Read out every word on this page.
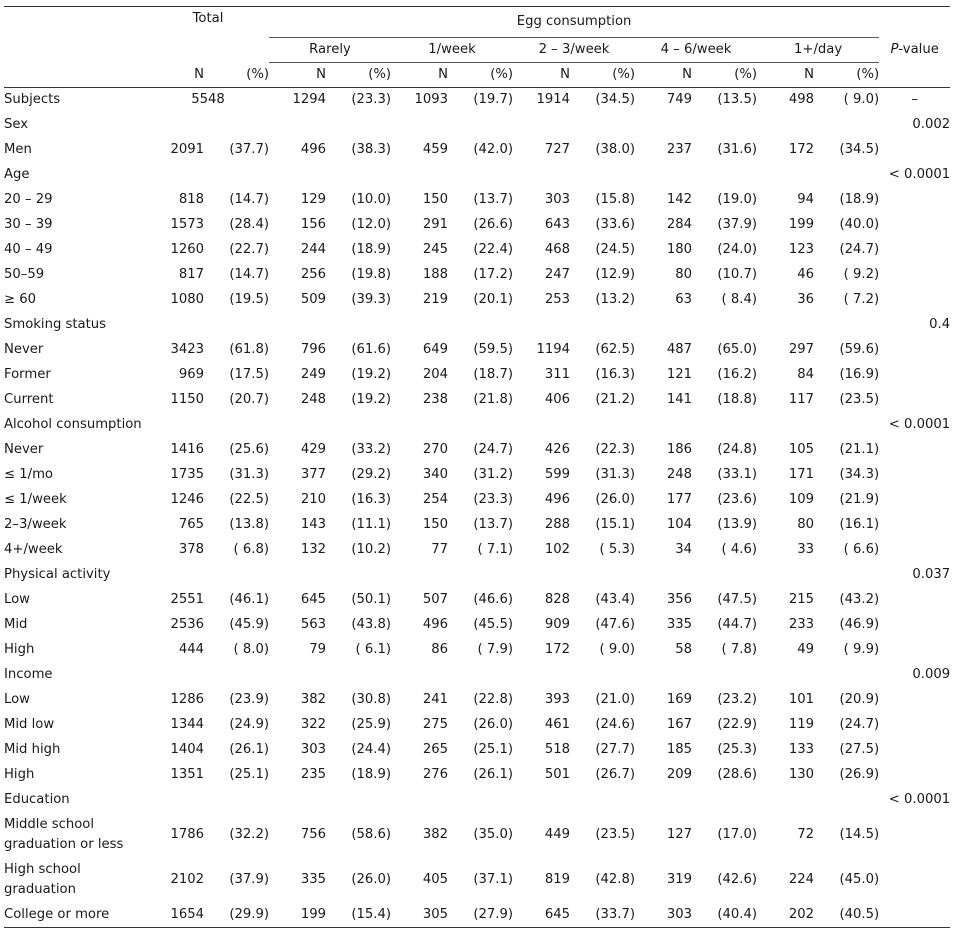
	Total		Egg consumption										
			Rarely		1/week		2 – 3/week		4 – 6/week		1+/day		P-value
	N	(%)	N	(%)	N	(%)	N	(%)	N	(%)	N	(%)	
Subjects	5548		1294	(23.3)	1093	(19.7)	1914	(34.5)	749	(13.5)	498	( 9.0)	–
Sex													0.002
Men	2091	(37.7)	496	(38.3)	459	(42.0)	727	(38.0)	237	(31.6)	172	(34.5)	
Age													< 0.0001
20 – 29	818	(14.7)	129	(10.0)	150	(13.7)	303	(15.8)	142	(19.0)	94	(18.9)	
30 – 39	1573	(28.4)	156	(12.0)	291	(26.6)	643	(33.6)	284	(37.9)	199	(40.0)	
40 – 49	1260	(22.7)	244	(18.9)	245	(22.4)	468	(24.5)	180	(24.0)	123	(24.7)	
50–59	817	(14.7)	256	(19.8)	188	(17.2)	247	(12.9)	80	(10.7)	46	( 9.2)	
≥ 60	1080	(19.5)	509	(39.3)	219	(20.1)	253	(13.2)	63	( 8.4)	36	( 7.2)	
Smoking status													0.4
Never	3423	(61.8)	796	(61.6)	649	(59.5)	1194	(62.5)	487	(65.0)	297	(59.6)	
Former	969	(17.5)	249	(19.2)	204	(18.7)	311	(16.3)	121	(16.2)	84	(16.9)	
Current	1150	(20.7)	248	(19.2)	238	(21.8)	406	(21.2)	141	(18.8)	117	(23.5)	
Alcohol consumption													< 0.0001
Never	1416	(25.6)	429	(33.2)	270	(24.7)	426	(22.3)	186	(24.8)	105	(21.1)	
≤ 1/mo	1735	(31.3)	377	(29.2)	340	(31.2)	599	(31.3)	248	(33.1)	171	(34.3)	
≤ 1/week	1246	(22.5)	210	(16.3)	254	(23.3)	496	(26.0)	177	(23.6)	109	(21.9)	
2–3/week	765	(13.8)	143	(11.1)	150	(13.7)	288	(15.1)	104	(13.9)	80	(16.1)	
4+/week	378	( 6.8)	132	(10.2)	77	( 7.1)	102	( 5.3)	34	( 4.6)	33	( 6.6)	
Physical activity													0.037
Low	2551	(46.1)	645	(50.1)	507	(46.6)	828	(43.4)	356	(47.5)	215	(43.2)	
Mid	2536	(45.9)	563	(43.8)	496	(45.5)	909	(47.6)	335	(44.7)	233	(46.9)	
High	444	( 8.0)	79	( 6.1)	86	( 7.9)	172	( 9.0)	58	( 7.8)	49	( 9.9)	
Income													0.009
Low	1286	(23.9)	382	(30.8)	241	(22.8)	393	(21.0)	169	(23.2)	101	(20.9)	
Mid low	1344	(24.9)	322	(25.9)	275	(26.0)	461	(24.6)	167	(22.9)	119	(24.7)	
Mid high	1404	(26.1)	303	(24.4)	265	(25.1)	518	(27.7)	185	(25.3)	133	(27.5)	
High	1351	(25.1)	235	(18.9)	276	(26.1)	501	(26.7)	209	(28.6)	130	(26.9)	
Education													< 0.0001
Middle school graduation or less	1786	(32.2)	756	(58.6)	382	(35.0)	449	(23.5)	127	(17.0)	72	(14.5)	
High school graduation	2102	(37.9)	335	(26.0)	405	(37.1)	819	(42.8)	319	(42.6)	224	(45.0)	
College or more	1654	(29.9)	199	(15.4)	305	(27.9)	645	(33.7)	303	(40.4)	202	(40.5)	
